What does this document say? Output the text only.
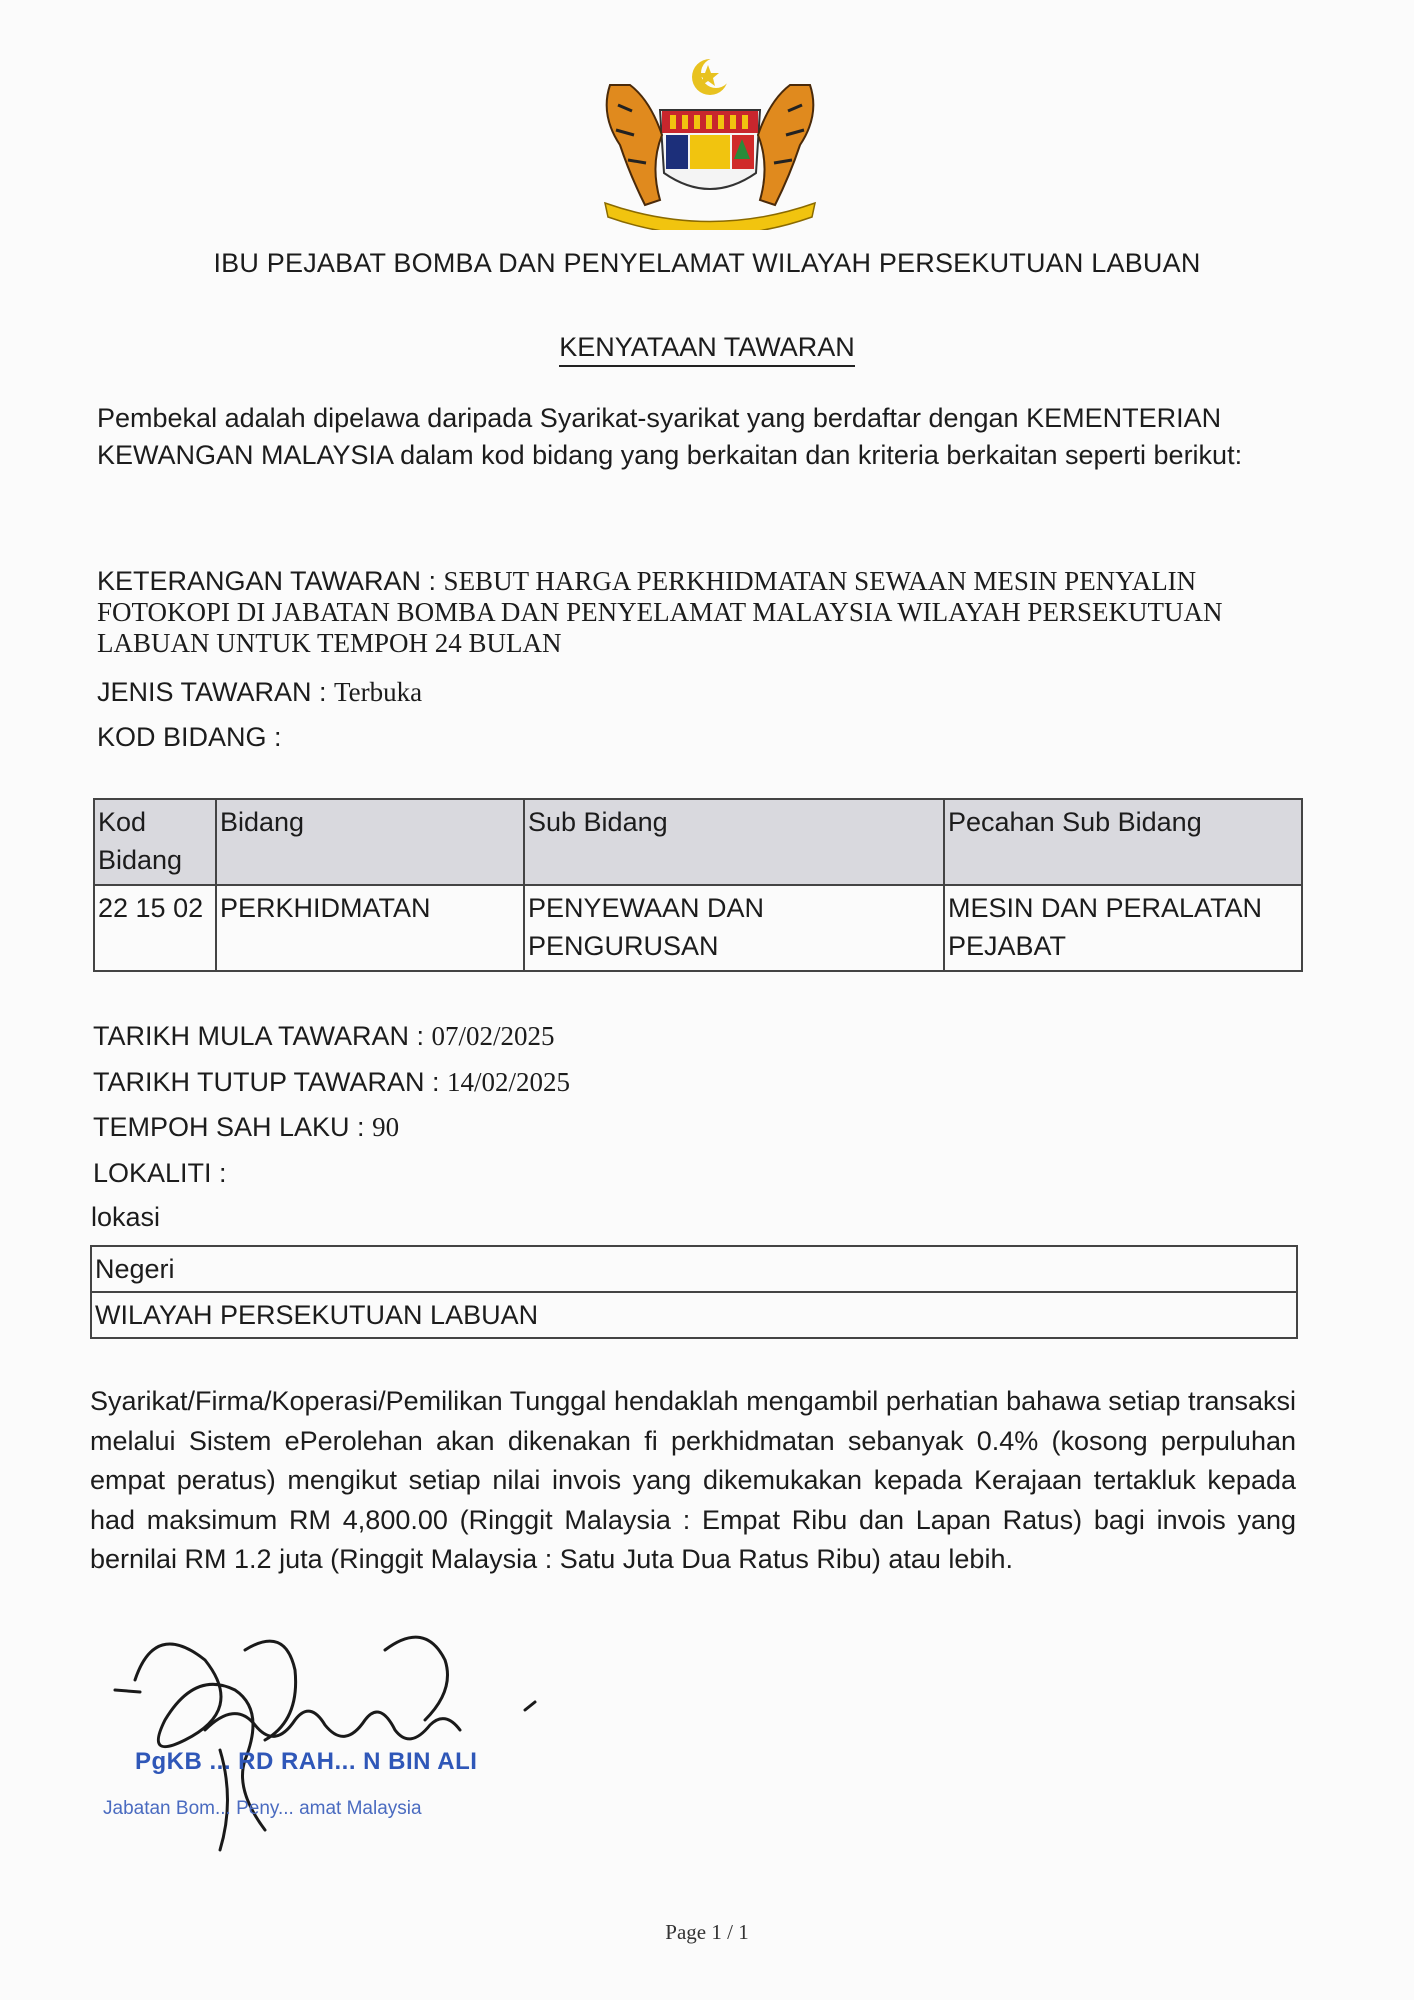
IBU PEJABAT BOMBA DAN PENYELAMAT WILAYAH PERSEKUTUAN LABUAN
KENYATAAN TAWARAN
Pembekal adalah dipelawa daripada Syarikat-syarikat yang berdaftar dengan KEMENTERIAN KEWANGAN MALAYSIA dalam kod bidang yang berkaitan dan kriteria berkaitan seperti berikut:
KETERANGAN TAWARAN : SEBUT HARGA PERKHIDMATAN SEWAAN MESIN PENYALIN FOTOKOPI DI JABATAN BOMBA DAN PENYELAMAT MALAYSIA WILAYAH PERSEKUTUAN LABUAN UNTUK TEMPOH 24 BULAN
JENIS TAWARAN : Terbuka
KOD BIDANG :
Kod Bidang	Bidang	Sub Bidang	Pecahan Sub Bidang
22 15 02	PERKHIDMATAN	PENYEWAAN DAN PENGURUSAN	MESIN DAN PERALATAN PEJABAT
TARIKH MULA TAWARAN : 07/02/2025
TARIKH TUTUP TAWARAN : 14/02/2025
TEMPOH SAH LAKU : 90
LOKALITI :
lokasi
Negeri
WILAYAH PERSEKUTUAN LABUAN
Syarikat/Firma/Koperasi/Pemilikan Tunggal hendaklah mengambil perhatian bahawa setiap transaksi melalui Sistem ePerolehan akan dikenakan fi perkhidmatan sebanyak 0.4% (kosong perpuluhan empat peratus) mengikut setiap nilai invois yang dikemukakan kepada Kerajaan tertakluk kepada had maksimum RM 4,800.00 (Ringgit Malaysia : Empat Ribu dan Lapan Ratus) bagi invois yang bernilai RM 1.2 juta (Ringgit Malaysia : Satu Juta Dua Ratus Ribu) atau lebih.
PgKB ... RD RAH... N BIN ALI
Jabatan Bom... Peny... amat Malaysia
Page 1 / 1
